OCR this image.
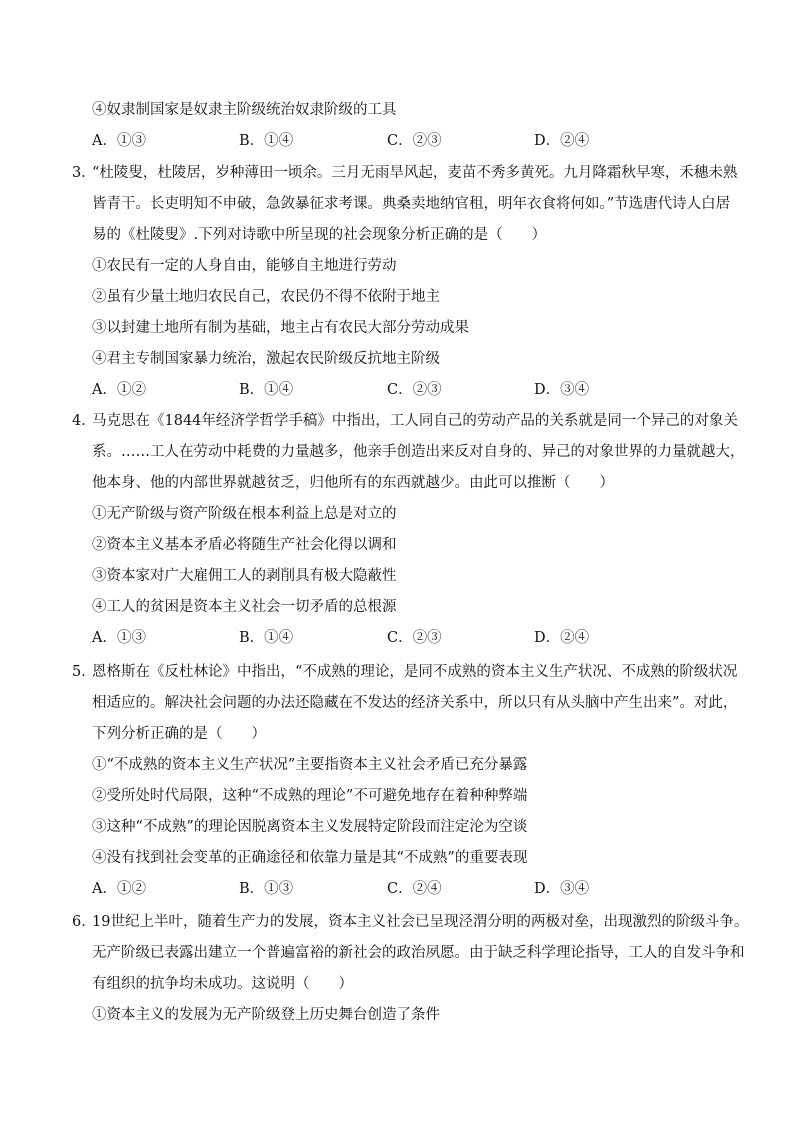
④奴隶制国家是奴隶主阶级统治奴隶阶级的工具
A．①③	B．①④	C．②③	D．②④
3．
“杜陵叟，杜陵居，岁种薄田一顷余。三月无雨旱风起，麦苗不秀多黄死。九月降霜秋早寒，禾穗未熟
皆青干。长吏明知不申破，急敛暴征求考课。典桑卖地纳官租，明年衣食将何如。”节选唐代诗人白居
易的《杜陵叟》.下列对诗歌中所呈现的社会现象分析正确的是（　　）
①农民有一定的人身自由，能够自主地进行劳动
②虽有少量土地归农民自己，农民仍不得不依附于地主
③以封建土地所有制为基础，地主占有农民大部分劳动成果
④君主专制国家暴力统治，激起农民阶级反抗地主阶级
A．①②	B．①④	C．②③	D．③④
4．
马克思在《1844年经济学哲学手稿》中指出，工人同自己的劳动产品的关系就是同一个异己的对象关
系。……工人在劳动中耗费的力量越多，他亲手创造出来反对自身的、异己的对象世界的力量就越大，
他本身、他的内部世界就越贫乏，归他所有的东西就越少。由此可以推断（　　）
①无产阶级与资产阶级在根本利益上总是对立的
②资本主义基本矛盾必将随生产社会化得以调和
③资本家对广大雇佣工人的剥削具有极大隐蔽性
④工人的贫困是资本主义社会一切矛盾的总根源
A．①③	B．①④	C．②③	D．②④
5．
恩格斯在《反杜林论》中指出，“不成熟的理论，是同不成熟的资本主义生产状况、不成熟的阶级状况
相适应的。解决社会问题的办法还隐藏在不发达的经济关系中，所以只有从头脑中产生出来”。对此，
下列分析正确的是（　　）
①“不成熟的资本主义生产状况”主要指资本主义社会矛盾已充分暴露
②受所处时代局限，这种“不成熟的理论”不可避免地存在着种种弊端
③这种“不成熟”的理论因脱离资本主义发展特定阶段而注定沦为空谈
④没有找到社会变革的正确途径和依靠力量是其“不成熟”的重要表现
A．①②	B．①③	C．②④	D．③④
6．
19世纪上半叶，随着生产力的发展，资本主义社会已呈现泾渭分明的两极对垒，出现激烈的阶级斗争。
无产阶级已表露出建立一个普遍富裕的新社会的政治夙愿。由于缺乏科学理论指导，工人的自发斗争和
有组织的抗争均未成功。这说明（　　）
①资本主义的发展为无产阶级登上历史舞台创造了条件
